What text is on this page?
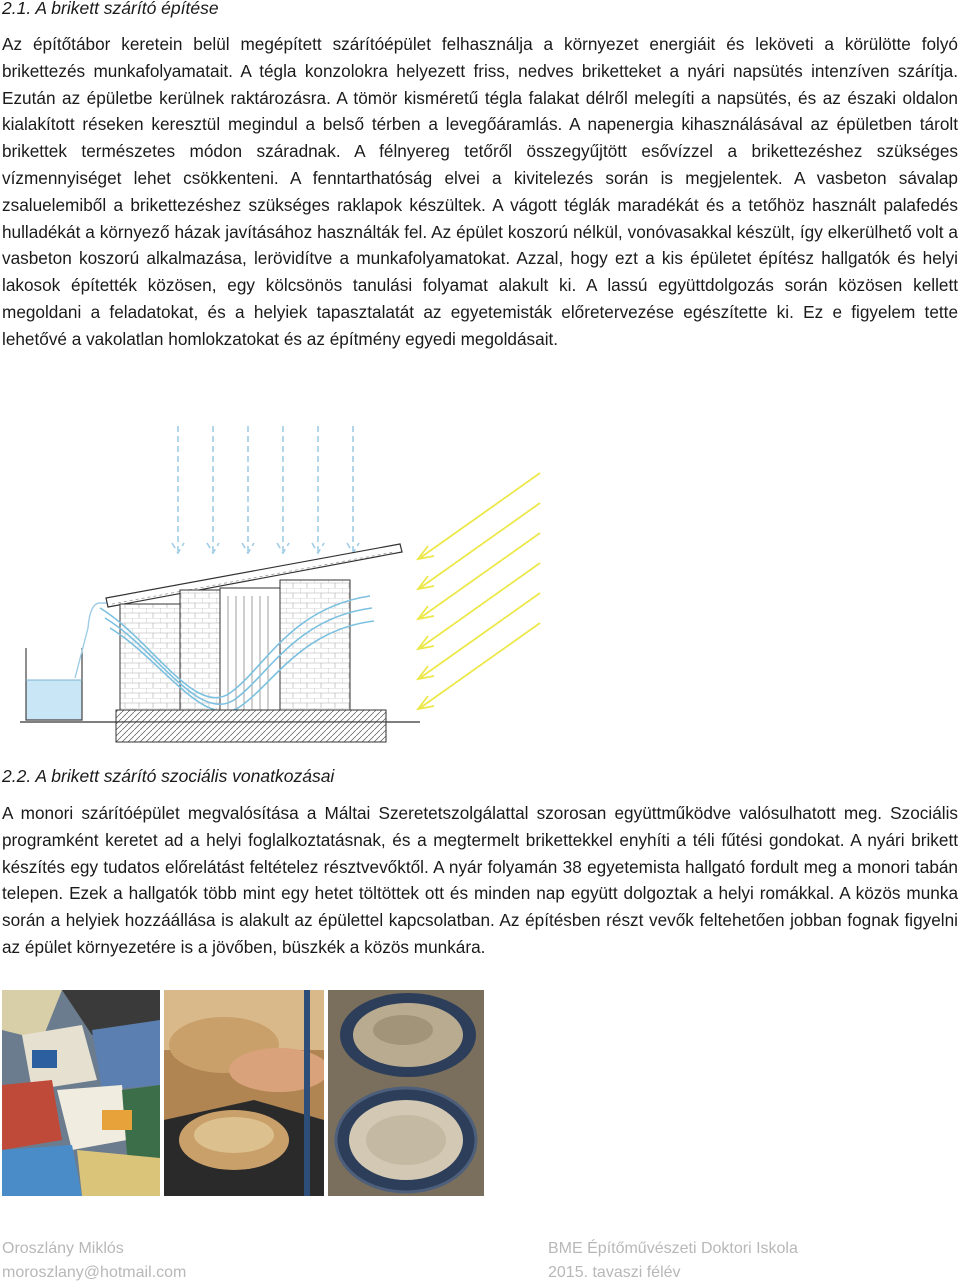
2.1. A brikett szárító építése

Az építőtábor keretein belül megépített szárítóépület felhasználja a környezet energiáit és leköveti a körülötte folyó brikettezés munkafolyamatait. A tégla konzolokra helyezett friss, nedves briketteket a nyári napsütés intenzíven szárítja. Ezután az épületbe kerülnek raktározásra. A tömör kisméretű tégla falakat délről melegíti a napsütés, és az északi oldalon kialakított réseken keresztül megindul a belső térben a levegőáramlás. A napenergia kihasználásával az épületben tárolt brikettek természetes módon száradnak. A félnyereg tetőről összegyűjtött esővízzel a brikettezéshez szükséges vízmennyiséget lehet csökkenteni. A fenntarthatóság elvei a kivitelezés során is megjelentek. A vasbeton sávalap zsaluelemiből a brikettezéshez szükséges raklapok készültek. A vágott téglák maradékát és a tetőhöz használt palafedés hulladékát a környező házak javításához használták fel. Az épület koszorú nélkül, vonóvasakkal készült, így elkerülhető volt a vasbeton koszorú alkalmazása, lerövidítve a munkafolyamatokat. Azzal, hogy ezt a kis épületet építész hallgatók és helyi lakosok építették közösen, egy kölcsönös tanulási folyamat alakult ki. A lassú együttdolgozás során közösen kellett megoldani a feladatokat, és a helyiek tapasztalatát az egyetemisták előretervezése egészítette ki. Ez e figyelem tette lehetővé a vakolatlan homlokzatokat és az építmény egyedi megoldásait.

2.2. A brikett szárító szociális vonatkozásai

A monori szárítóépület megvalósítása a Máltai Szeretetszolgálattal szorosan együttműködve valósulhatott meg. Szociális programként keretet ad a helyi foglalkoztatásnak, és a megtermelt brikettekkel enyhíti a téli fűtési gondokat. A nyári brikett készítés egy tudatos előrelátást feltételez résztvevőktől. A nyár folyamán 38 egyetemista hallgató fordult meg a monori tabán telepen. Ezek a hallgatók több mint egy hetet töltöttek ott és minden nap együtt dolgoztak a helyi romákkal. A közös munka során a helyiek hozzáállása is alakult az épülettel kapcsolatban. Az építésben részt vevők feltehetően jobban fognak figyelni az épület környezetére is a jövőben, büszkék a közös munkára.

Oroszlány Miklós
moroszlany@hotmail.com
BME Építőművészeti Doktori Iskola
2015. tavaszi félév
